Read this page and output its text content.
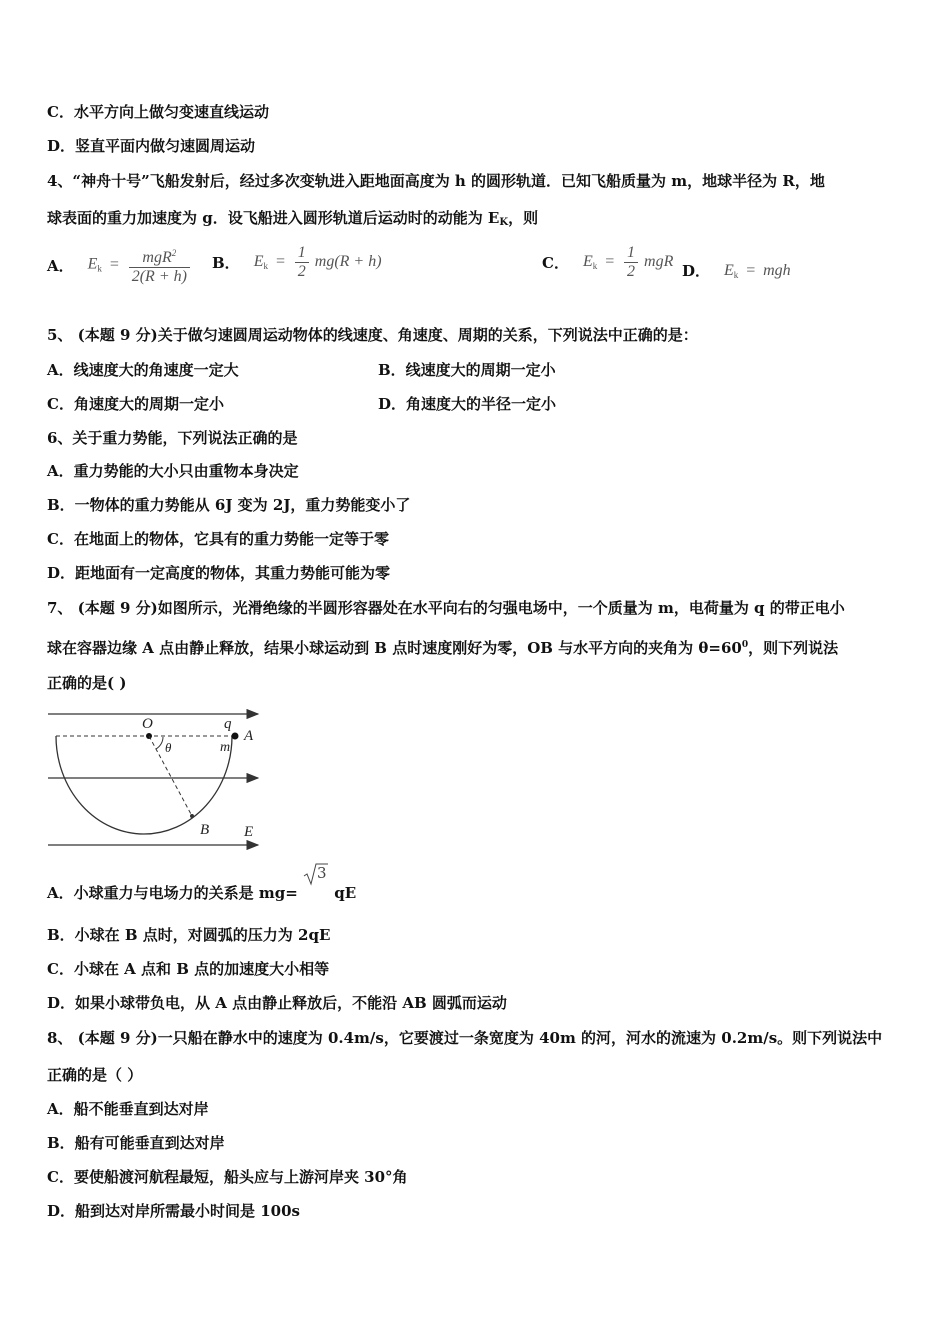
C．水平方向上做匀变速直线运动
D．竖直平面内做匀速圆周运动
4、“神舟十号”飞船发射后，经过多次变轨进入距地面高度为 h 的圆形轨道．已知飞船质量为 m，地球半径为 R，地
球表面的重力加速度为 g．设飞船进入圆形轨道后运动时的动能为 EK，则
A． $E_k = \frac{mgR^2}{2(R + h)}$ B． $E_k = \frac{1}{2} mg(R + h)$	C． $E_k = \frac{1}{2}$ mgR
D． $E_k$ = mgh
5、 (本题 9 分)关于做匀速圆周运动物体的线速度、角速度、周期的关系，下列说法中正确的是：
A．线速度大的角速度一定大	B．线速度大的周期一定小
C．角速度大的周期一定小	D．角速度大的半径一定小
6、关于重力势能，下列说法正确的是
A．重力势能的大小只由重物本身决定
B．一物体的重力势能从 6J 变为 2J，重力势能变小了
C．在地面上的物体，它具有的重力势能一定等于零
D．距地面有一定高度的物体，其重力势能可能为零
7、 (本题 9 分)如图所示，光滑绝缘的半圆形容器处在水平向右的匀强电场中，一个质量为 m，电荷量为 q 的带正电小
球在容器边缘 A 点由静止释放，结果小球运动到 B 点时速度刚好为零，OB 与水平方向的夹角为 $\theta=60^0$，则下列说法
正确的是( )
O	q
A
m
θ
B E
A．小球重力与电场力的关系是 mg=
3
qE
B．小球在 B 点时，对圆弧的压力为 2qE
C．小球在 A 点和 B 点的加速度大小相等
D．如果小球带负电，从 A 点由静止释放后，不能沿 AB 圆弧而运动
8、 (本题 9 分)一只船在静水中的速度为 0.4m/s，它要渡过一条宽度为 40m 的河，河水的流速为 0.2m/s。则下列说法中
正确的是（ ）
A．船不能垂直到达对岸
B．船有可能垂直到达对岸
C．要使船渡河航程最短，船头应与上游河岸夹 30°角
D．船到达对岸所需最小时间是 100s
